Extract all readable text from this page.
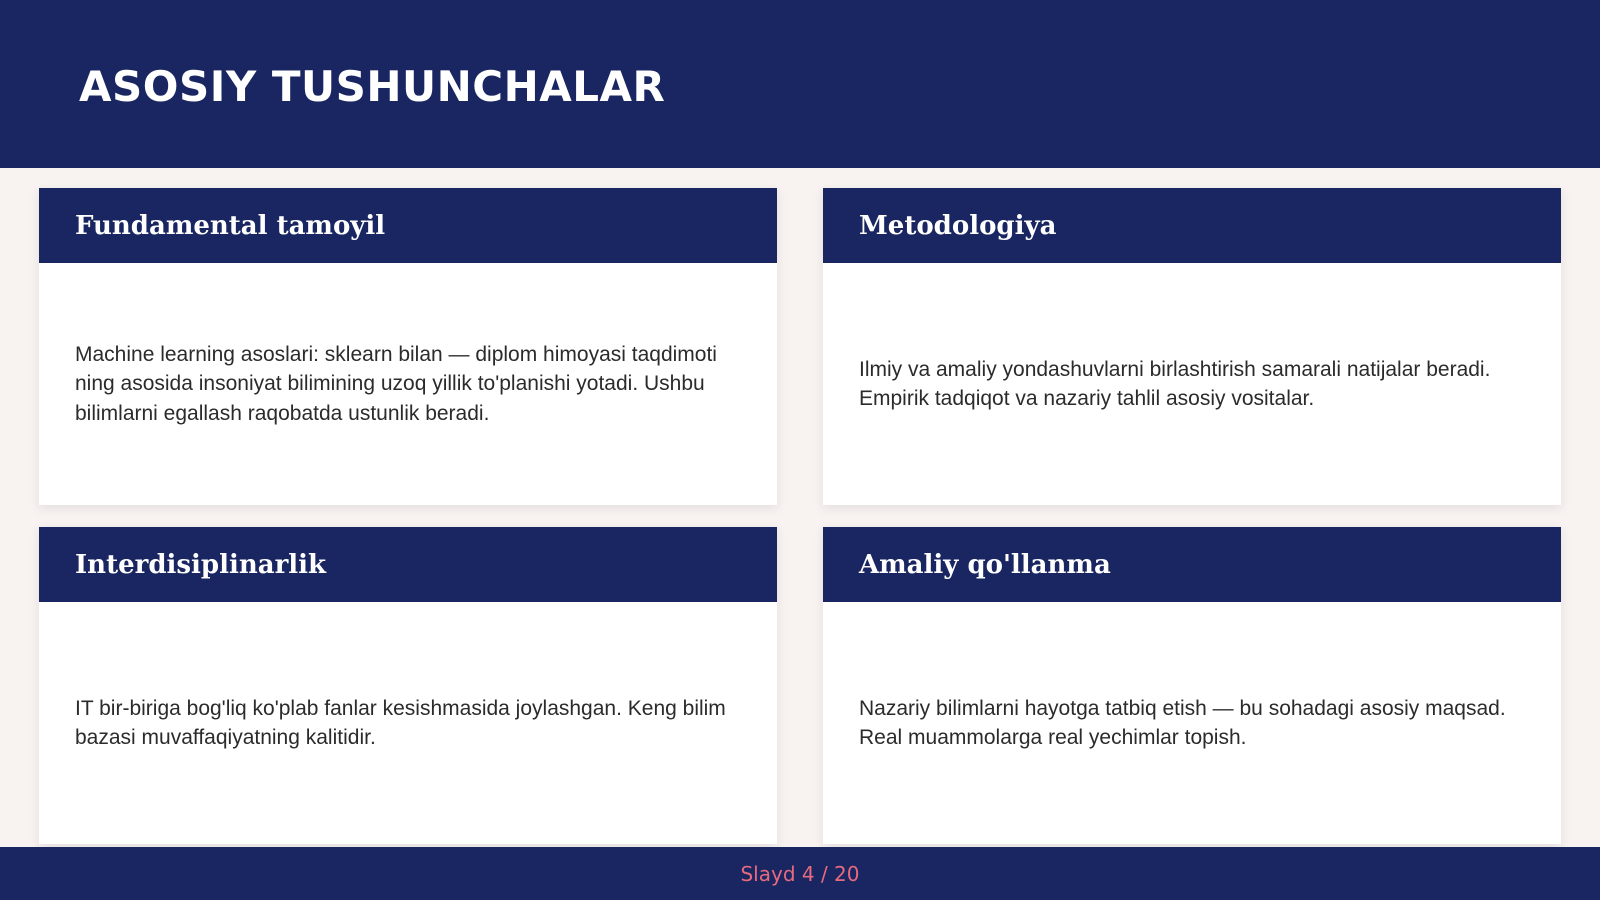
ASOSIY TUSHUNCHALAR
Fundamental tamoyil

Machine learning asoslari: sklearn bilan — diplom himoyasi taqdimoti ning asosida insoniyat bilimining uzoq yillik to'planishi yotadi. Ushbu bilimlarni egallash raqobatda ustunlik beradi.

Metodologiya

Ilmiy va amaliy yondashuvlarni birlashtirish samarali natijalar beradi. Empirik tadqiqot va nazariy tahlil asosiy vositalar.

Interdisiplinarlik

IT bir-biriga bog'liq ko'plab fanlar kesishmasida joylashgan. Keng bilim bazasi muvaffaqiyatning kalitidir.

Amaliy qo'llanma

Nazariy bilimlarni hayotga tatbiq etish — bu sohadagi asosiy maqsad. Real muammolarga real yechimlar topish.

Slayd 4 / 20
